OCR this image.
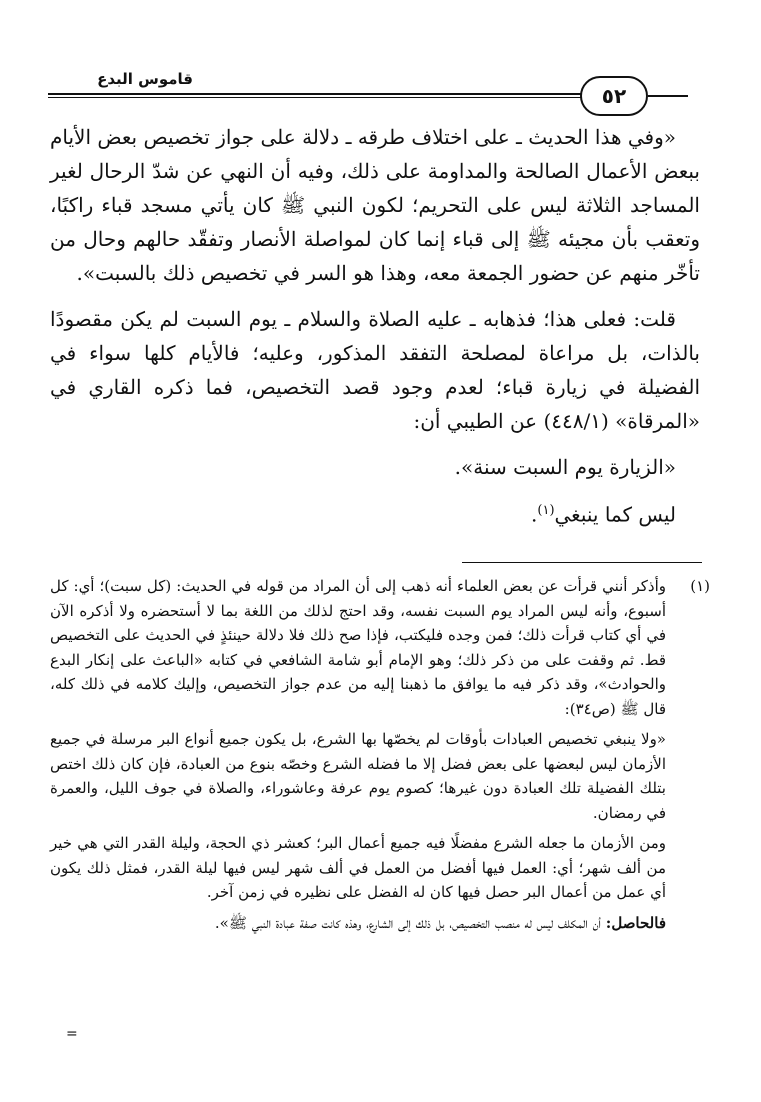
قاموس البدع
٥٢

«وفي هذا الحديث ـ على اختلاف طرقه ـ دلالة على جواز تخصيص بعض الأيام ببعض الأعمال الصالحة والمداومة على ذلك، وفيه أن النهي عن شدّ الرحال لغير المساجد الثلاثة ليس على التحريم؛ لكون النبي ﷺ كان يأتي مسجد قباء راكبًا، وتعقب بأن مجيئه ﷺ إلى قباء إنما كان لمواصلة الأنصار وتفقّد حالهم وحال من تأخّر منهم عن حضور الجمعة معه، وهذا هو السر في تخصيص ذلك بالسبت».

قلت: فعلى هذا؛ فذهابه ـ عليه الصلاة والسلام ـ يوم السبت لم يكن مقصودًا بالذات، بل مراعاة لمصلحة التفقد المذكور، وعليه؛ فالأيام كلها سواء في الفضيلة في زيارة قباء؛ لعدم وجود قصد التخصيص، فما ذكره القاري في «المرقاة» (٤٤٨/١) عن الطيبي أن:

«الزيارة يوم السبت سنة».

ليس كما ينبغي$^{(١)}$.

(١)
وأذكر أنني قرأت عن بعض العلماء أنه ذهب إلى أن المراد من قوله في الحديث: (كل سبت)؛ أي: كل أسبوع، وأنه ليس المراد يوم السبت نفسه، وقد احتج لذلك من اللغة بما لا أستحضره ولا أذكره الآن في أي كتاب قرأت ذلك؛ فمن وجده فليكتب، فإذا صح ذلك فلا دلالة حينئذٍ في الحديث على التخصيص قط. ثم وقفت على من ذكر ذلك؛ وهو الإمام أبو شامة الشافعي في كتابه «الباعث على إنكار البدع والحوادث»، وقد ذكر فيه ما يوافق ما ذهبنا إليه من عدم جواز التخصيص، وإليك كلامه في ذلك كله، قال ﷺ (ص٣٤):

«ولا ينبغي تخصيص العبادات بأوقات لم يخصّها بها الشرع، بل يكون جميع أنواع البر مرسلة في جميع الأزمان ليس لبعضها على بعض فضل إلا ما فضله الشرع وخصّه بنوع من العبادة، فإن كان ذلك اختص بتلك الفضيلة تلك العبادة دون غيرها؛ كصوم يوم عرفة وعاشوراء، والصلاة في جوف الليل، والعمرة في رمضان.

ومن الأزمان ما جعله الشرع مفضلًا فيه جميع أعمال البر؛ كعشر ذي الحجة، وليلة القدر التي هي خير من ألف شهر؛ أي: العمل فيها أفضل من العمل في ألف شهر ليس فيها ليلة القدر، فمثل ذلك يكون أي عمل من أعمال البر حصل فيها كان له الفضل على نظيره في زمن آخر.

فالحاصل: أن المكلف ليس له منصب التخصيص، بل ذلك إلى الشارع، وهذه كانت صفة عبادة النبي ﷺ».

=
